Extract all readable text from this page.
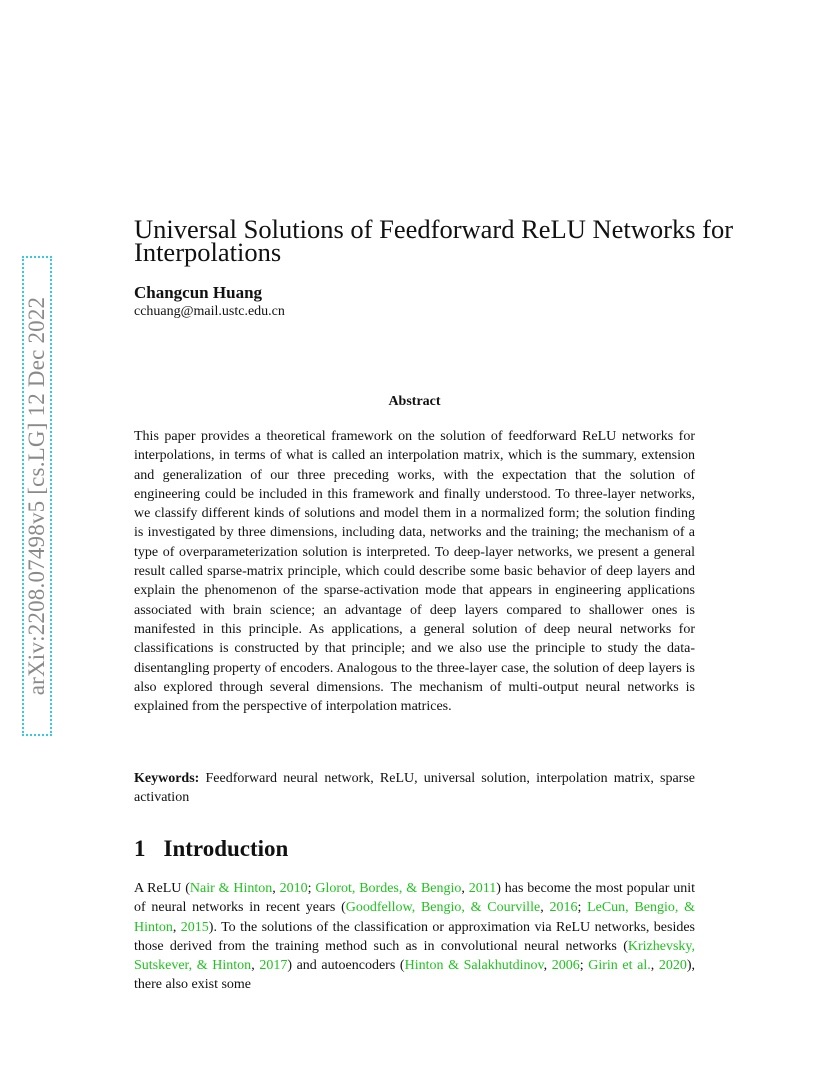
arXiv:2208.07498v5 [cs.LG] 12 Dec 2022
Universal Solutions of Feedforward ReLU Networks for Interpolations
Changcun Huang
cchuang@mail.ustc.edu.cn
Abstract

This paper provides a theoretical framework on the solution of feedforward ReLU networks for interpolations, in terms of what is called an interpolation matrix, which is the summary, extension and generalization of our three preceding works, with the expectation that the solution of engineering could be included in this framework and finally understood. To three-layer networks, we classify different kinds of solutions and model them in a normalized form; the solution finding is investigated by three dimensions, including data, networks and the training; the mechanism of a type of overparameterization solution is interpreted. To deep-layer networks, we present a general result called sparse-matrix principle, which could describe some basic behavior of deep layers and explain the phenomenon of the sparse-activation mode that appears in engineering applications associated with brain science; an advantage of deep layers compared to shallower ones is manifested in this principle. As applications, a general solution of deep neural networks for classifications is constructed by that principle; and we also use the principle to study the data-disentangling property of encoders. Analogous to the three-layer case, the solution of deep layers is also explored through several dimensions. The mechanism of multi-output neural networks is explained from the perspective of interpolation matrices.

Keywords: Feedforward neural network, ReLU, universal solution, interpolation matrix, sparse activation

1 Introduction

A ReLU (Nair & Hinton, 2010; Glorot, Bordes, & Bengio, 2011) has become the most popular unit of neural networks in recent years (Goodfellow, Bengio, & Courville, 2016; LeCun, Bengio, & Hinton, 2015). To the solutions of the classification or approximation via ReLU networks, besides those derived from the training method such as in convolutional neural networks (Krizhevsky, Sutskever, & Hinton, 2017) and autoencoders (Hinton & Salakhutdinov, 2006; Girin et al., 2020), there also exist some
